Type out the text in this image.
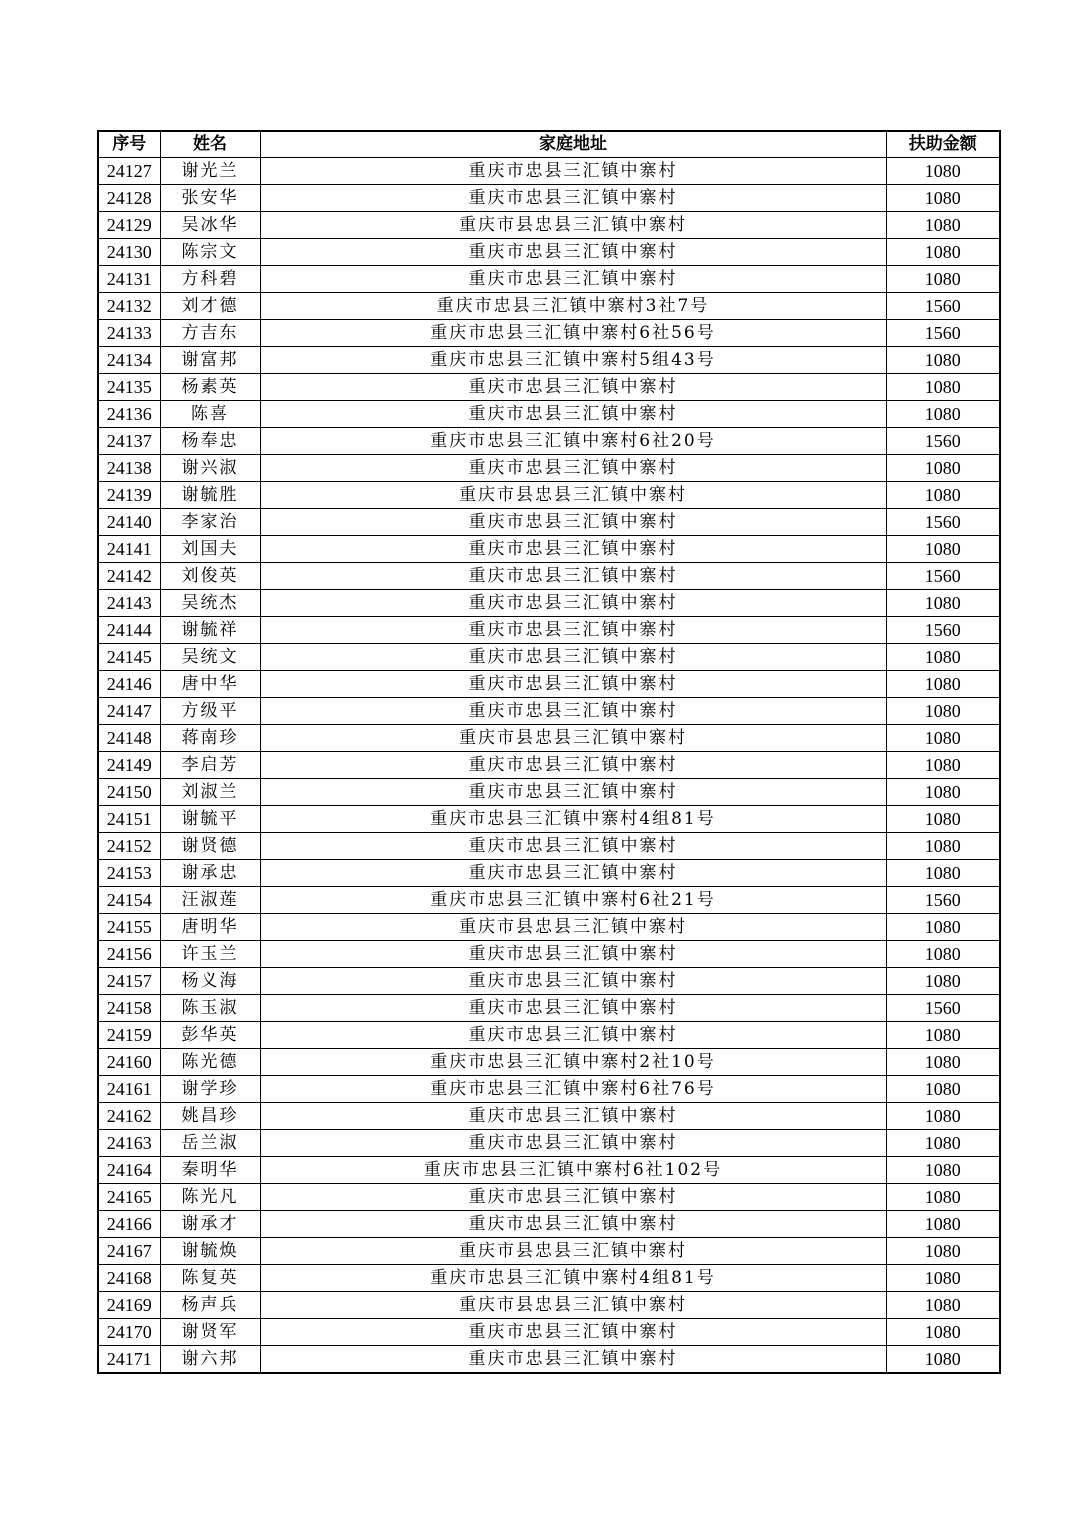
序号	姓名	家庭地址	扶助金额
24127	谢光兰	重庆市忠县三汇镇中寨村	1080
24128	张安华	重庆市忠县三汇镇中寨村	1080
24129	吴冰华	重庆市县忠县三汇镇中寨村	1080
24130	陈宗文	重庆市忠县三汇镇中寨村	1080
24131	方科碧	重庆市忠县三汇镇中寨村	1080
24132	刘才德	重庆市忠县三汇镇中寨村3社7号	1560
24133	方吉东	重庆市忠县三汇镇中寨村6社56号	1560
24134	谢富邦	重庆市忠县三汇镇中寨村5组43号	1080
24135	杨素英	重庆市忠县三汇镇中寨村	1080
24136	陈喜	重庆市忠县三汇镇中寨村	1080
24137	杨奉忠	重庆市忠县三汇镇中寨村6社20号	1560
24138	谢兴淑	重庆市忠县三汇镇中寨村	1080
24139	谢毓胜	重庆市县忠县三汇镇中寨村	1080
24140	李家治	重庆市忠县三汇镇中寨村	1560
24141	刘国夫	重庆市忠县三汇镇中寨村	1080
24142	刘俊英	重庆市忠县三汇镇中寨村	1560
24143	吴统杰	重庆市忠县三汇镇中寨村	1080
24144	谢毓祥	重庆市忠县三汇镇中寨村	1560
24145	吴统文	重庆市忠县三汇镇中寨村	1080
24146	唐中华	重庆市忠县三汇镇中寨村	1080
24147	方级平	重庆市忠县三汇镇中寨村	1080
24148	蒋南珍	重庆市县忠县三汇镇中寨村	1080
24149	李启芳	重庆市忠县三汇镇中寨村	1080
24150	刘淑兰	重庆市忠县三汇镇中寨村	1080
24151	谢毓平	重庆市忠县三汇镇中寨村4组81号	1080
24152	谢贤德	重庆市忠县三汇镇中寨村	1080
24153	谢承忠	重庆市忠县三汇镇中寨村	1080
24154	汪淑莲	重庆市忠县三汇镇中寨村6社21号	1560
24155	唐明华	重庆市县忠县三汇镇中寨村	1080
24156	许玉兰	重庆市忠县三汇镇中寨村	1080
24157	杨义海	重庆市忠县三汇镇中寨村	1080
24158	陈玉淑	重庆市忠县三汇镇中寨村	1560
24159	彭华英	重庆市忠县三汇镇中寨村	1080
24160	陈光德	重庆市忠县三汇镇中寨村2社10号	1080
24161	谢学珍	重庆市忠县三汇镇中寨村6社76号	1080
24162	姚昌珍	重庆市忠县三汇镇中寨村	1080
24163	岳兰淑	重庆市忠县三汇镇中寨村	1080
24164	秦明华	重庆市忠县三汇镇中寨村6社102号	1080
24165	陈光凡	重庆市忠县三汇镇中寨村	1080
24166	谢承才	重庆市忠县三汇镇中寨村	1080
24167	谢毓焕	重庆市县忠县三汇镇中寨村	1080
24168	陈复英	重庆市忠县三汇镇中寨村4组81号	1080
24169	杨声兵	重庆市县忠县三汇镇中寨村	1080
24170	谢贤军	重庆市忠县三汇镇中寨村	1080
24171	谢六邦	重庆市忠县三汇镇中寨村	1080
